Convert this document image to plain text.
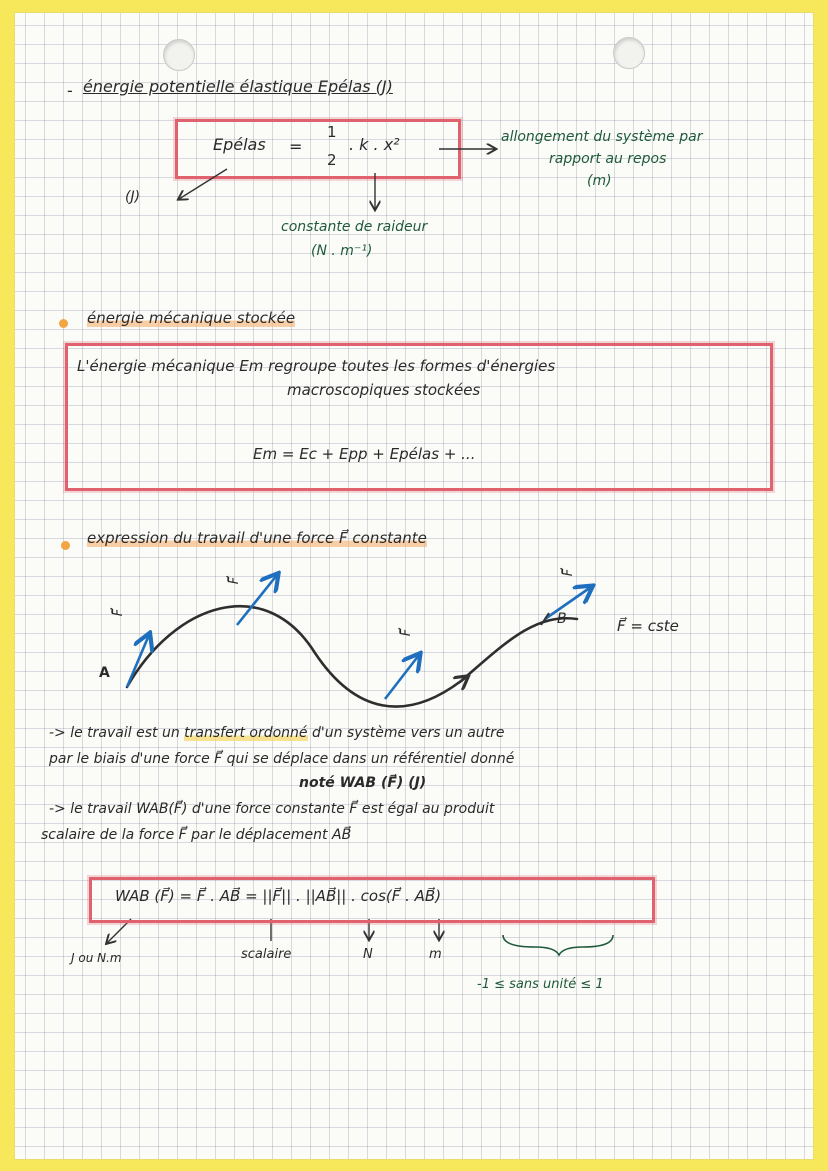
- énergie potentielle élastique Epélas (J)
Epélas =
1
2
. k . x²
(J)
allongement du système par
rapport au repos
(m)
constante de raideur
(N . m⁻¹)
énergie mécanique stockée
L'énergie mécanique Em regroupe toutes les formes d'énergies
macroscopiques stockées
Em = Ec + Epp + Epélas + ...
expression du travail d'une force F⃗ constante
F⃗
F⃗
F⃗
F⃗
A
B	F⃗ = cste
-> le travail est un transfert ordonné d'un système vers un autre
par le biais d'une force F⃗ qui se déplace dans un référentiel donné
noté WAB (F⃗) (J)
-> le travail WAB(F⃗) d'une force constante F⃗ est égal au produit
scalaire de la force F⃗ par le déplacement AB⃗
WAB (F⃗) = F⃗ . AB⃗ = ||F⃗|| . ||AB⃗|| . cos(F⃗ . AB⃗)
J ou N.m	scalaire	N	m
-1 ≤ sans unité ≤ 1
